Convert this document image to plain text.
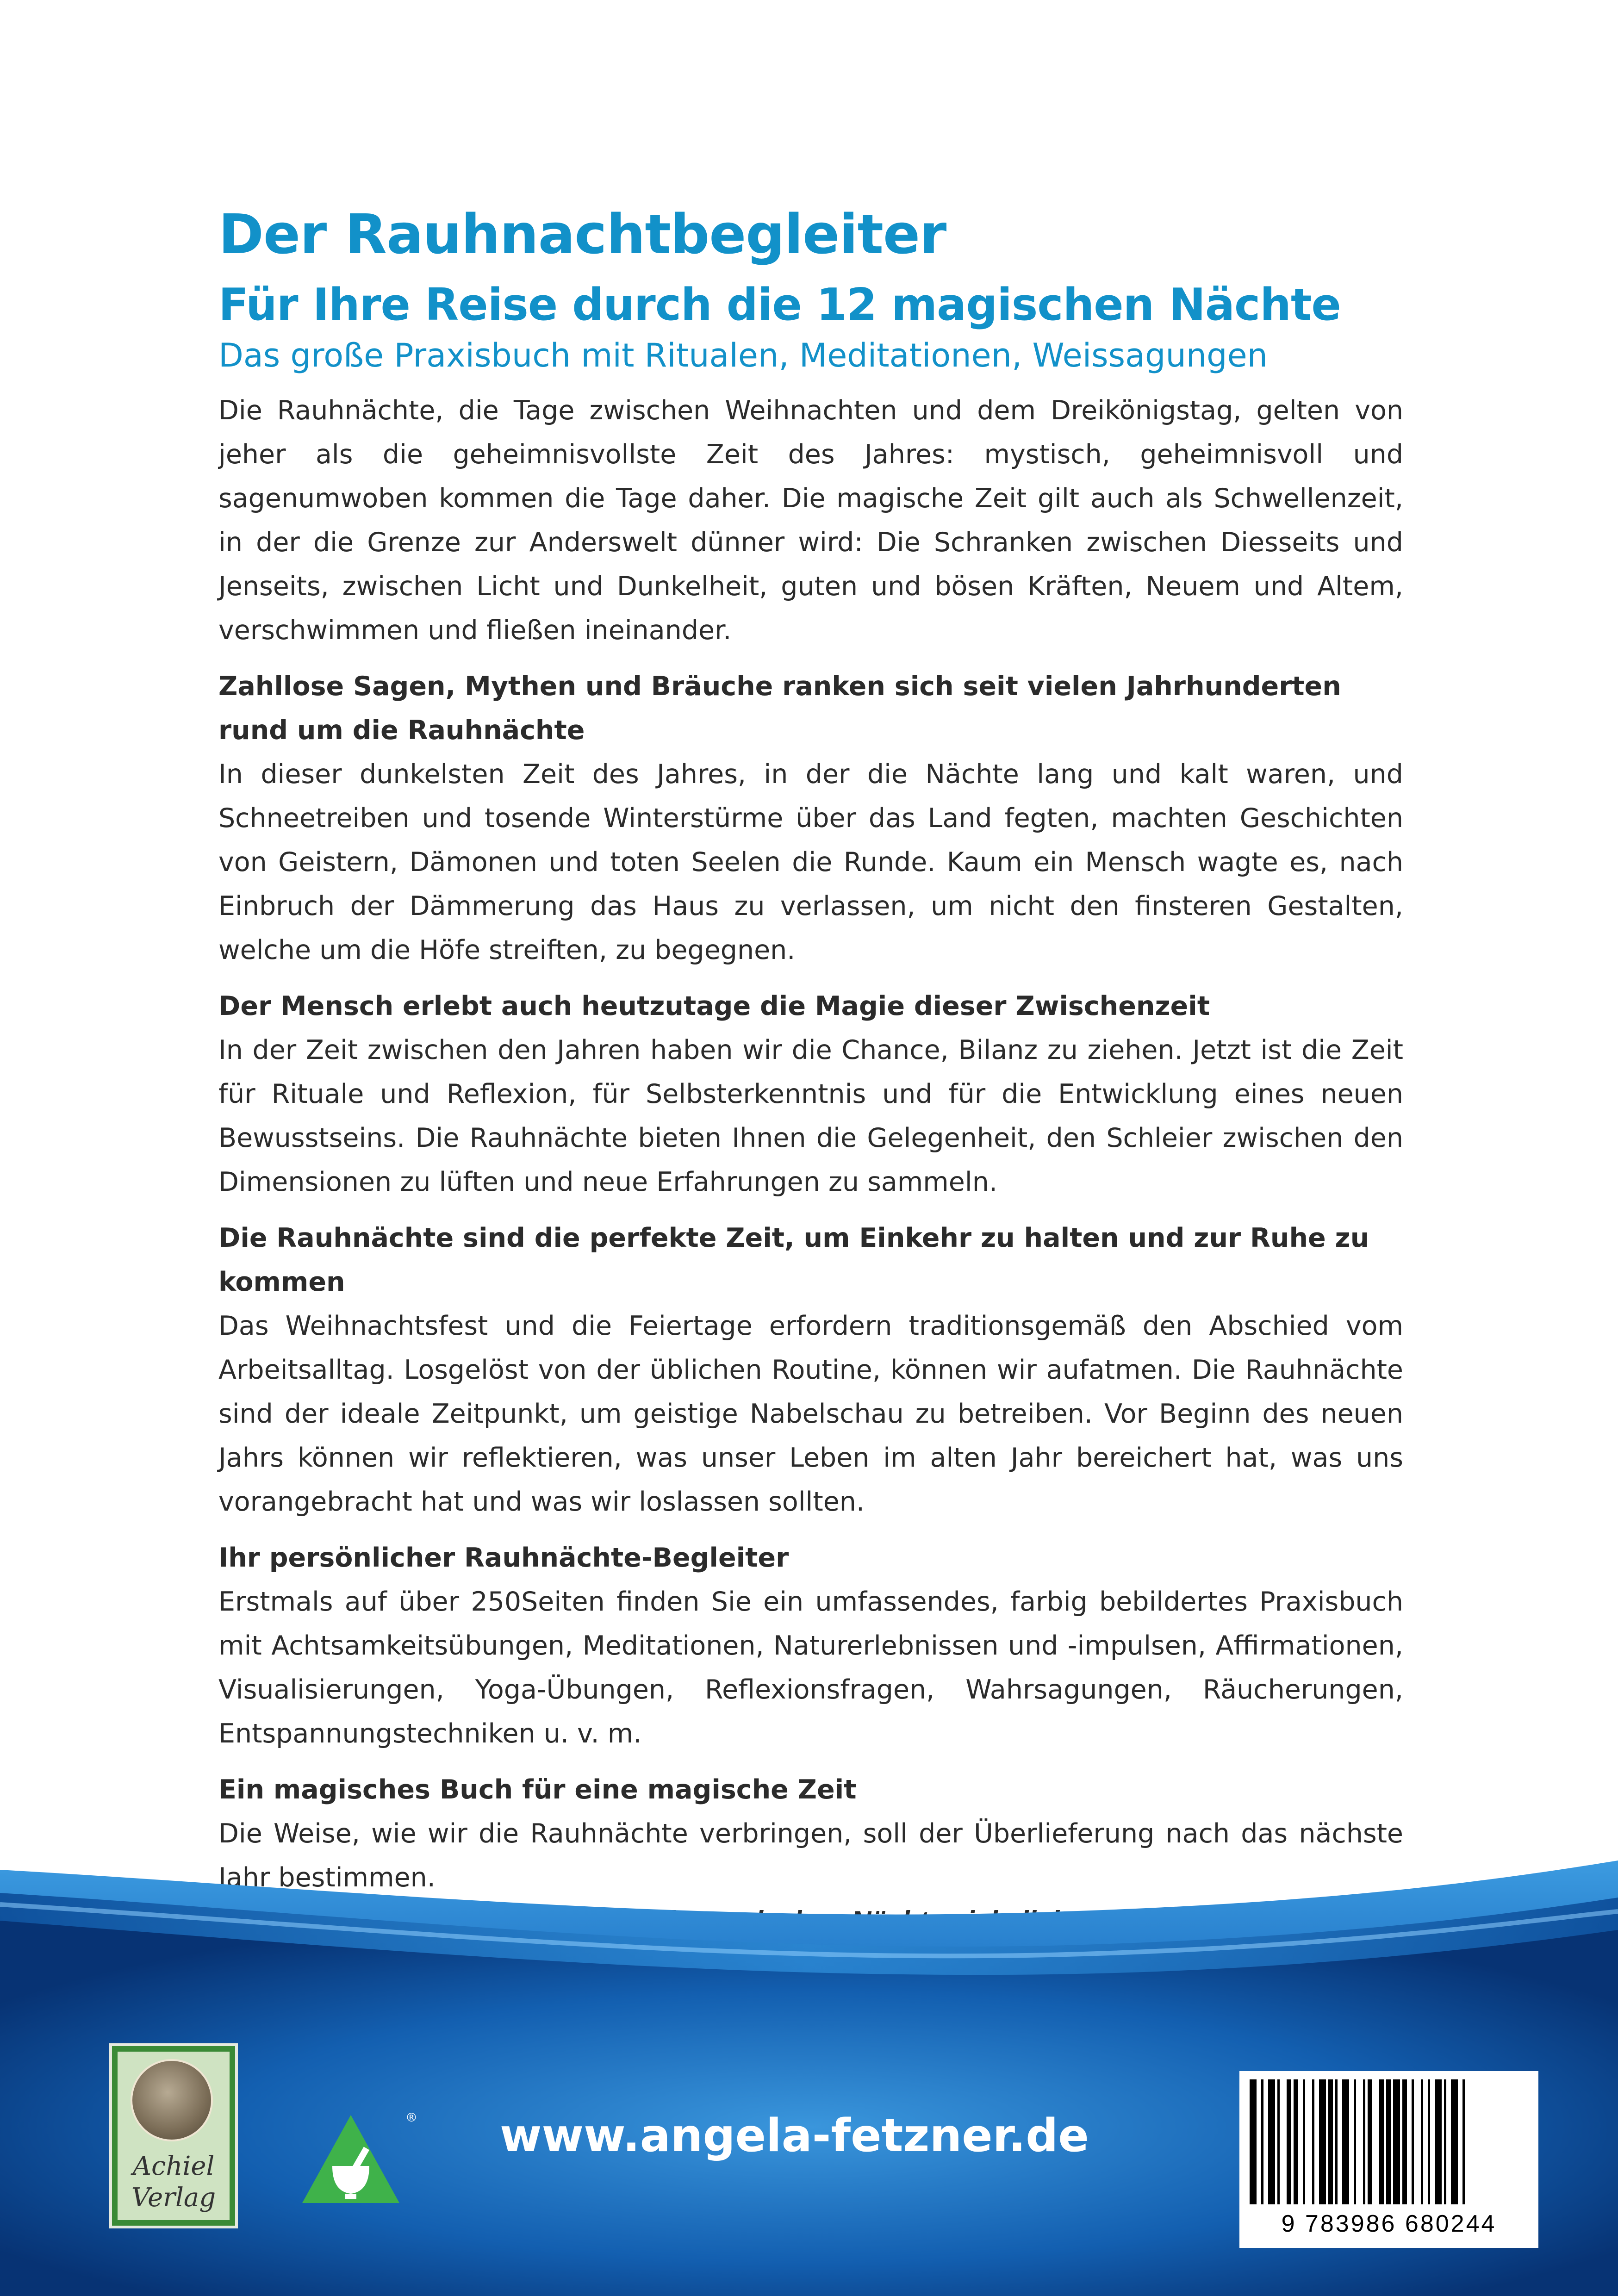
Der Rauhnachtbegleiter
Für Ihre Reise durch die 12 magischen Nächte
Das große Praxisbuch mit Ritualen, Meditationen, Weissagungen

Die Rauhnächte, die Tage zwischen Weihnachten und dem Dreikönigstag, gelten von jeher als die geheimnisvollste Zeit des Jahres: mystisch, geheimnisvoll und sagenumwoben kommen die Tage daher. Die magische Zeit gilt auch als Schwellenzeit, in der die Grenze zur Anderswelt dünner wird: Die Schranken zwischen Diesseits und Jenseits, zwischen Licht und Dunkelheit, guten und bösen Kräften, Neuem und Altem, verschwimmen und fließen ineinander.

Zahllose Sagen, Mythen und Bräuche ranken sich seit vielen Jahrhunderten rund um die Rauhnächte

In dieser dunkelsten Zeit des Jahres, in der die Nächte lang und kalt waren, und Schneetreiben und tosende Winterstürme über das Land fegten, machten Geschichten von Geistern, Dämonen und toten Seelen die Runde. Kaum ein Mensch wagte es, nach Einbruch der Dämmerung das Haus zu verlassen, um nicht den finsteren Gestalten, welche um die Höfe streiften, zu begegnen.

Der Mensch erlebt auch heutzutage die Magie dieser Zwischenzeit

In der Zeit zwischen den Jahren haben wir die Chance, Bilanz zu ziehen. Jetzt ist die Zeit für Rituale und Reflexion, für Selbsterkenntnis und für die Entwicklung eines neuen Bewusstseins. Die Rauhnächte bieten Ihnen die Gelegenheit, den Schleier zwischen den Dimensionen zu lüften und neue Erfahrungen zu sammeln.

Die Rauhnächte sind die perfekte Zeit, um Einkehr zu halten und zur Ruhe zu kommen

Das Weihnachtsfest und die Feiertage erfordern traditionsgemäß den Abschied vom Arbeitsalltag. Losgelöst von der üblichen Routine, können wir aufatmen. Die Rauhnächte sind der ideale Zeitpunkt, um geistige Nabelschau zu betreiben. Vor Beginn des neuen Jahrs können wir reflektieren, was unser Leben im alten Jahr bereichert hat, was uns vorangebracht hat und was wir loslassen sollten.

Ihr persönlicher Rauhnächte-Begleiter

Erstmals auf über 250Seiten finden Sie ein umfassendes, farbig bebildertes Praxisbuch mit Achtsamkeitsübungen, Meditationen, Naturerlebnissen und -impulsen, Affirmationen, Visualisierungen, Yoga-Übungen, Reflexionsfragen, Wahrsagungen, Räucherungen, Entspannungstechniken u. v. m.

Ein magisches Buch für eine magische Zeit

Die Weise, wie wir die Rauhnächte verbringen, soll der Überlieferung nach das nächste Jahr bestimmen.

Achiel
Verlag
® www.angela-fetzner.de
9 783986 680244
